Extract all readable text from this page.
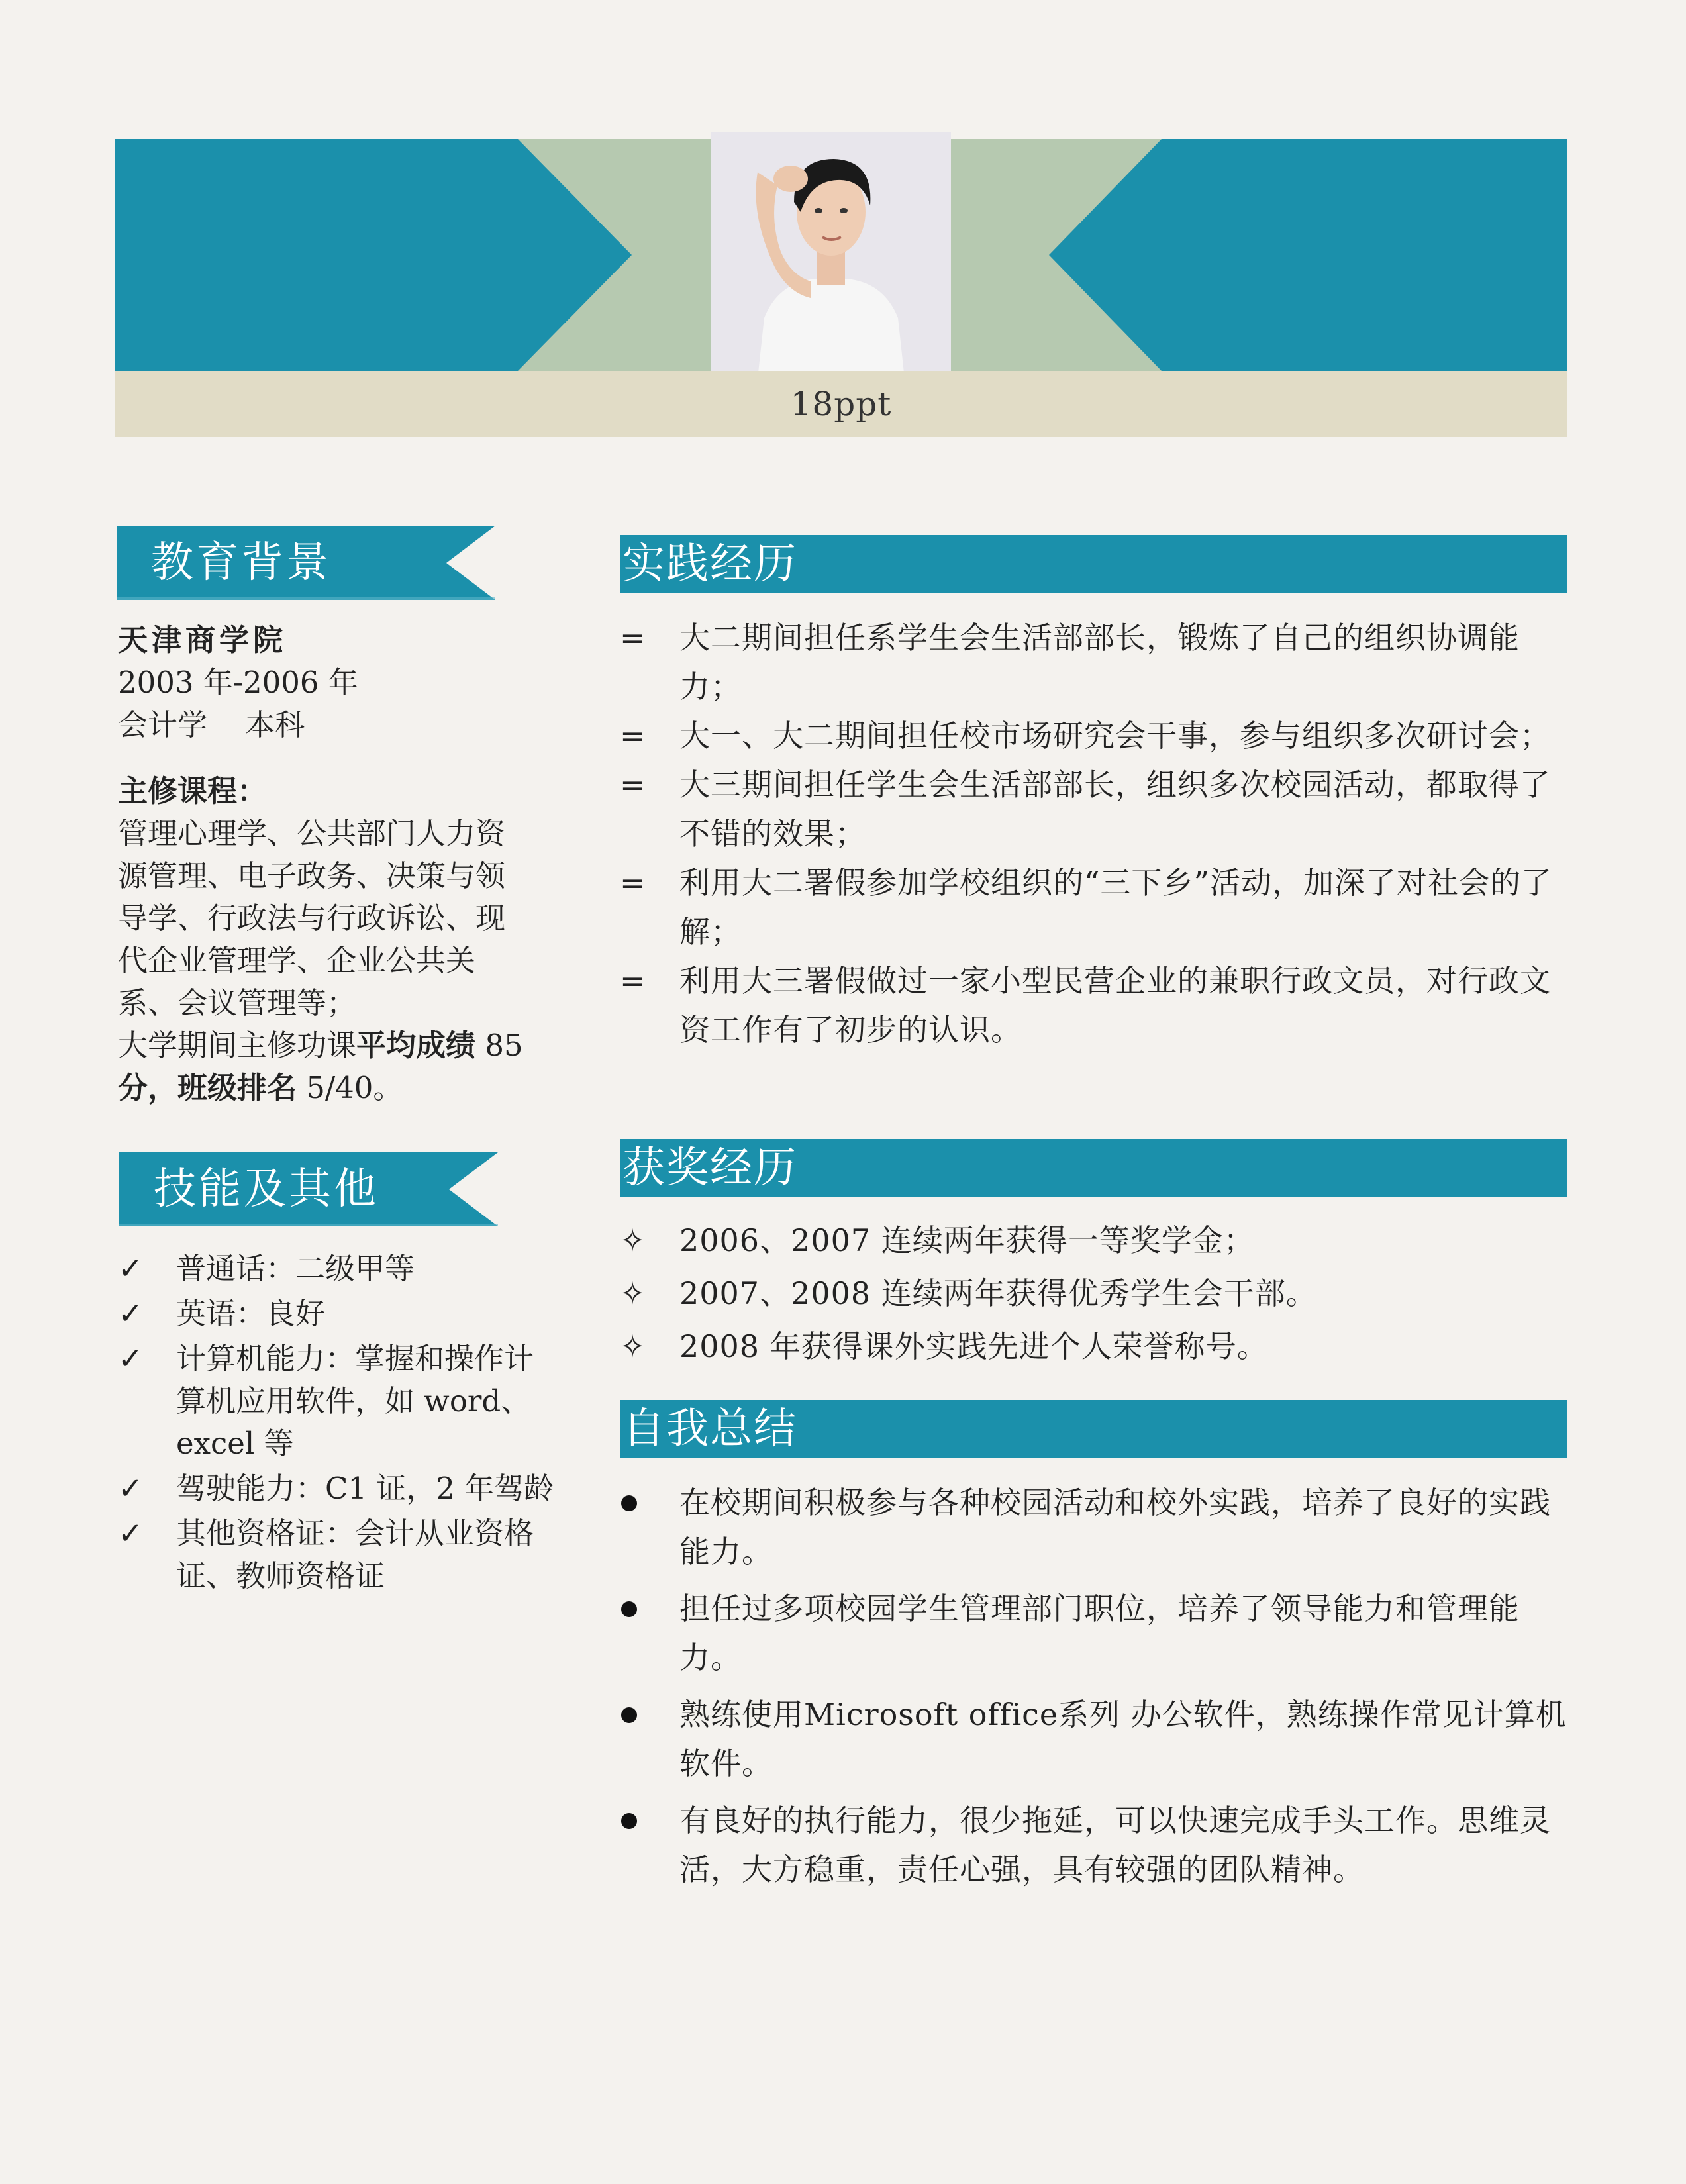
18ppt
教育背景
天津商学院
2003 年-2006 年
会计学    本科
主修课程：
管理心理学、公共部门人力资
源管理、电子政务、决策与领
导学、行政法与行政诉讼、现
代企业管理学、企业公共关
系、会议管理等；
大学期间主修功课平均成绩 85
分，班级排名 5/40。
技能及其他
✓ 普通话：二级甲等
✓ 英语：良好
✓ 计算机能力：掌握和操作计算机应用软件，如 word、excel 等
✓ 驾驶能力：C1 证，2 年驾龄
✓ 其他资格证：会计从业资格证、教师资格证
实践经历
=	大二期间担任系学生会生活部部长，锻炼了自己的组织协调能力；
=	大一、大二期间担任校市场研究会干事，参与组织多次研讨会；
=	大三期间担任学生会生活部部长，组织多次校园活动，都取得了不错的效果；
=	利用大二署假参加学校组织的“三下乡”活动，加深了对社会的了解；
=	利用大三署假做过一家小型民营企业的兼职行政文员，对行政文资工作有了初步的认识。
获奖经历
✧	2006、2007 连续两年获得一等奖学金；
✧	2007、2008 连续两年获得优秀学生会干部。
✧	2008 年获得课外实践先进个人荣誉称号。
自我总结
在校期间积极参与各种校园活动和校外实践，培养了良好的实践能力。
担任过多项校园学生管理部门职位，培养了领导能力和管理能力。
熟练使用Microsoft office系列 办公软件，熟练操作常见计算机软件。
有良好的执行能力，很少拖延，可以快速完成手头工作。思维灵活，大方稳重，责任心强，具有较强的团队精神。
